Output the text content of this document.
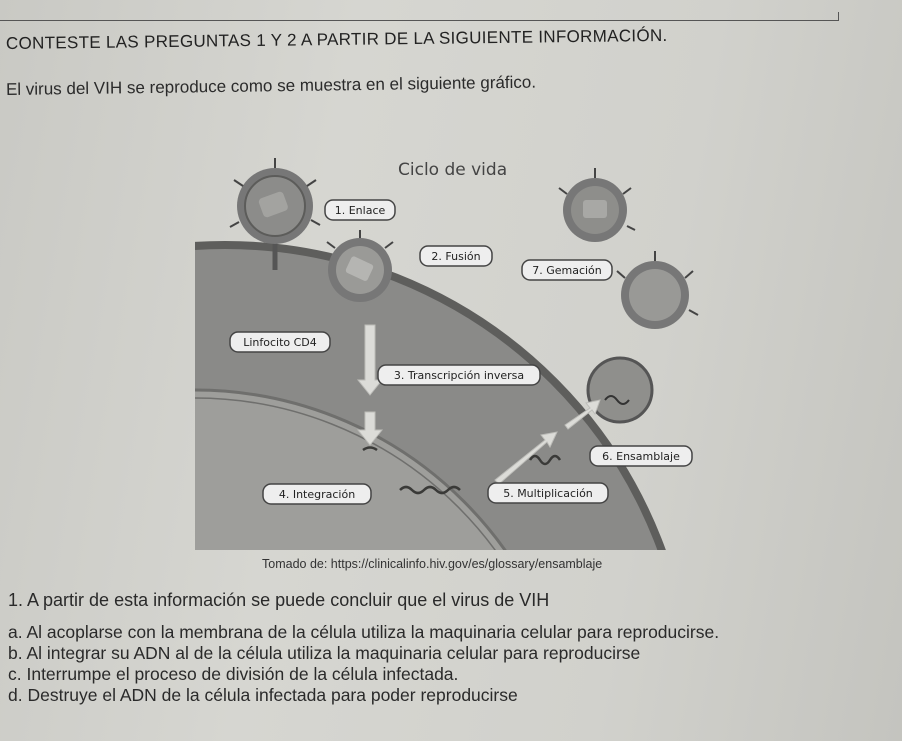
CONTESTE LAS PREGUNTAS 1 Y 2 A PARTIR DE LA SIGUIENTE INFORMACIÓN.
El virus del VIH se reproduce como se muestra en el siguiente gráfico.
Ciclo de vida
1. Enlace
2. Fusión
7. Gemación
Linfocito CD4
3. Transcripción inversa
6. Ensamblaje
4. Integración	5. Multiplicación
Tomado de: https://clinicalinfo.hiv.gov/es/glossary/ensamblaje
1. A partir de esta información se puede concluir que el virus de VIH
a. Al acoplarse con la membrana de la célula utiliza la maquinaria celular para reproducirse.
b. Al integrar su ADN al de la célula utiliza la maquinaria celular para reproducirse
c. Interrumpe el proceso de división de la célula infectada.
d. Destruye el ADN de la célula infectada para poder reproducirse
